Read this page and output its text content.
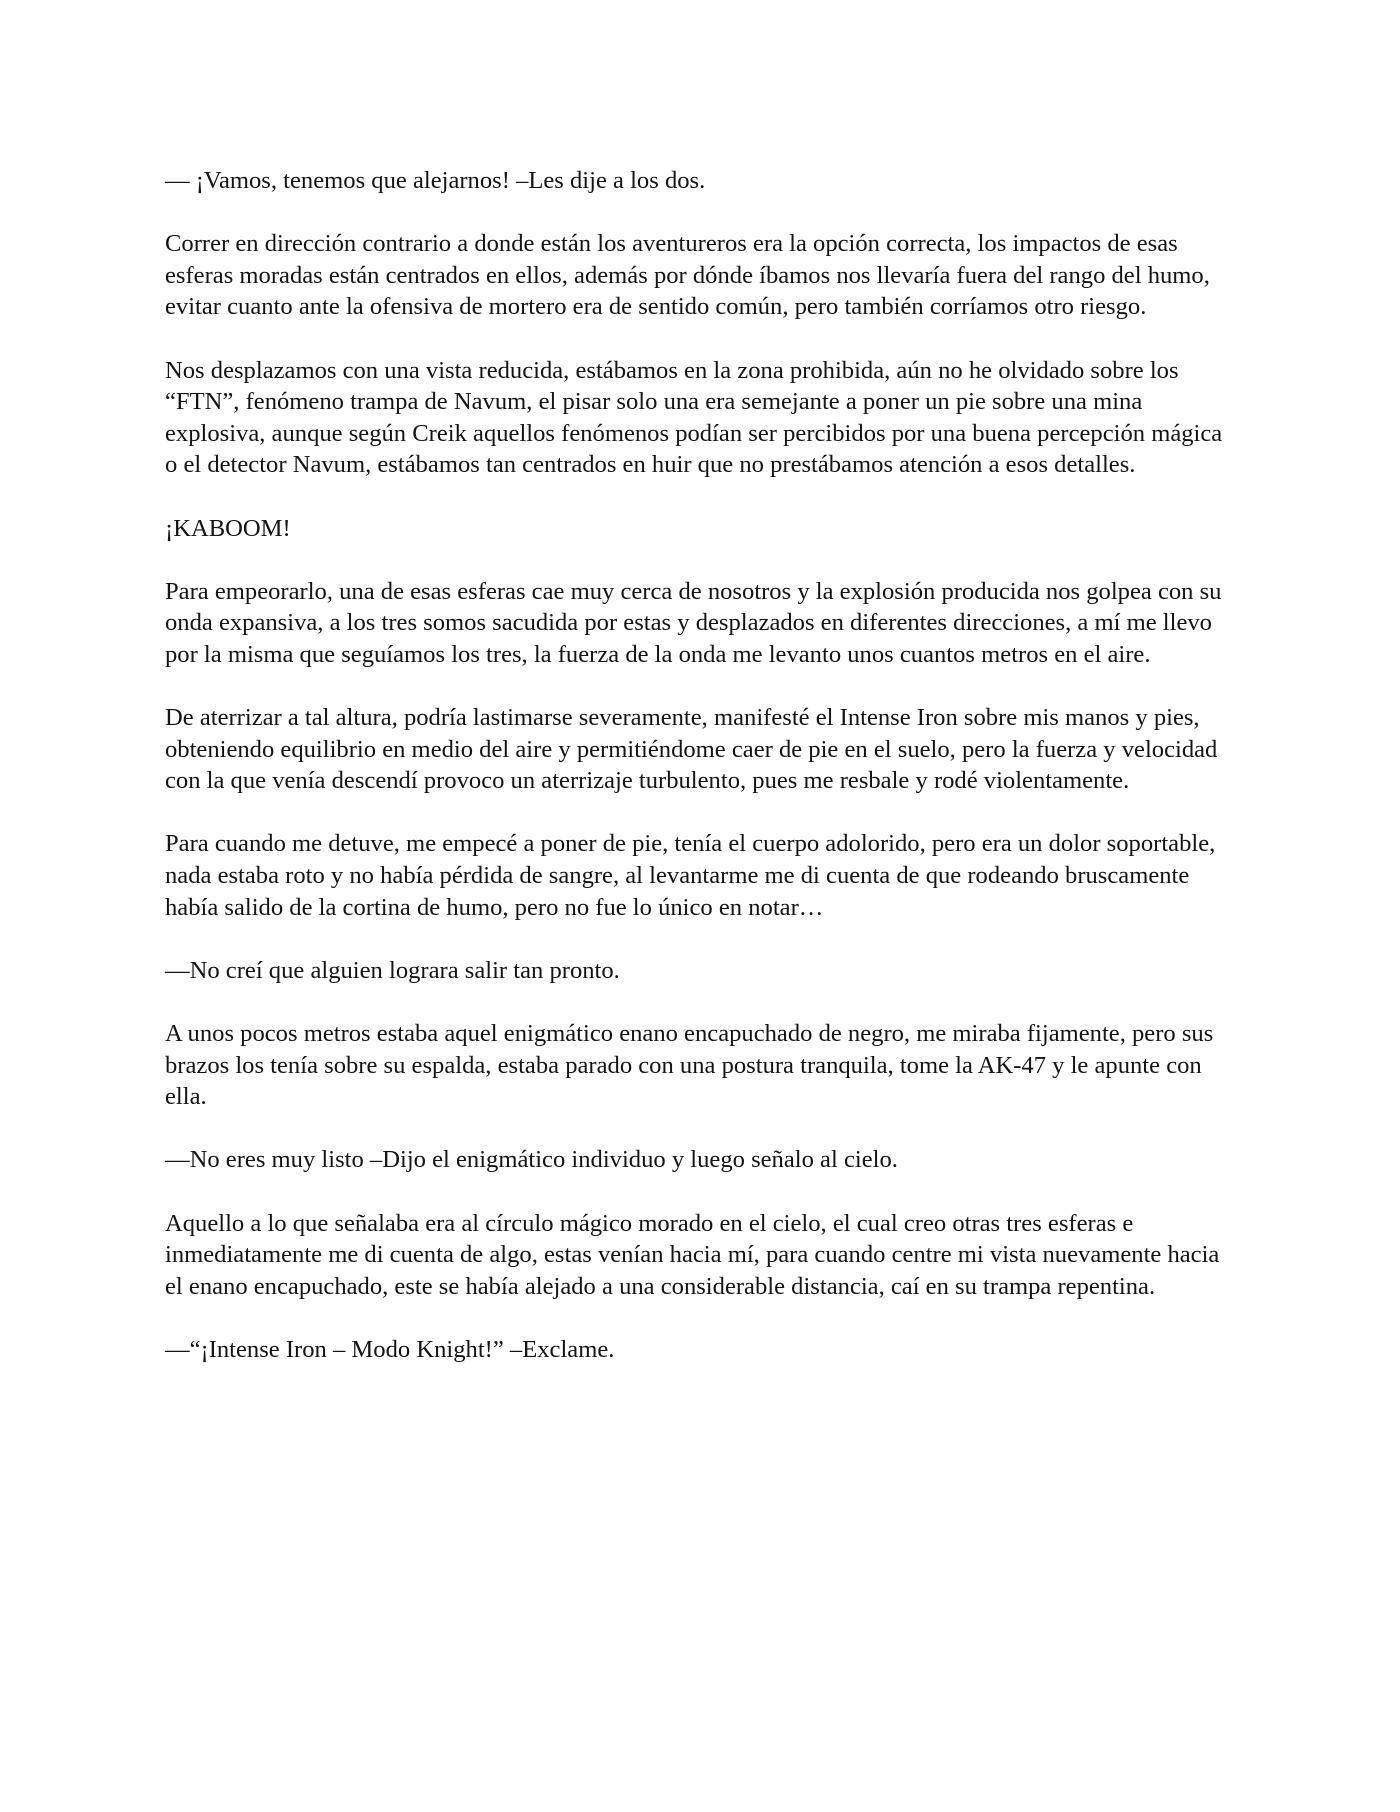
— ¡Vamos, tenemos que alejarnos! –Les dije a los dos.

Correr en dirección contrario a donde están los aventureros era la opción correcta, los impactos de esas esferas moradas están centrados en ellos, además por dónde íbamos nos llevaría fuera del rango del humo, evitar cuanto ante la ofensiva de mortero era de sentido común, pero también corríamos otro riesgo.

Nos desplazamos con una vista reducida, estábamos en la zona prohibida, aún no he olvidado sobre los “FTN”, fenómeno trampa de Navum, el pisar solo una era semejante a poner un pie sobre una mina explosiva, aunque según Creik aquellos fenómenos podían ser percibidos por una buena percepción mágica o el detector Navum, estábamos tan centrados en huir que no prestábamos atención a esos detalles.

¡KABOOM!

Para empeorarlo, una de esas esferas cae muy cerca de nosotros y la explosión producida nos golpea con su onda expansiva, a los tres somos sacudida por estas y desplazados en diferentes direcciones, a mí me llevo por la misma que seguíamos los tres, la fuerza de la onda me levanto unos cuantos metros en el aire.

De aterrizar a tal altura, podría lastimarse severamente, manifesté el Intense Iron sobre mis manos y pies, obteniendo equilibrio en medio del aire y permitiéndome caer de pie en el suelo, pero la fuerza y velocidad con la que venía descendí provoco un aterrizaje turbulento, pues me resbale y rodé violentamente.

Para cuando me detuve, me empecé a poner de pie, tenía el cuerpo adolorido, pero era un dolor soportable, nada estaba roto y no había pérdida de sangre, al levantarme me di cuenta de que rodeando bruscamente había salido de la cortina de humo, pero no fue lo único en notar…

—No creí que alguien lograra salir tan pronto.

A unos pocos metros estaba aquel enigmático enano encapuchado de negro, me miraba fijamente, pero sus brazos los tenía sobre su espalda, estaba parado con una postura tranquila, tome la AK-47 y le apunte con ella.

—No eres muy listo –Dijo el enigmático individuo y luego señalo al cielo.

Aquello a lo que señalaba era al círculo mágico morado en el cielo, el cual creo otras tres esferas e inmediatamente me di cuenta de algo, estas venían hacia mí, para cuando centre mi vista nuevamente hacia el enano encapuchado, este se había alejado a una considerable distancia, caí en su trampa repentina.

—“¡Intense Iron – Modo Knight!” –Exclame.
